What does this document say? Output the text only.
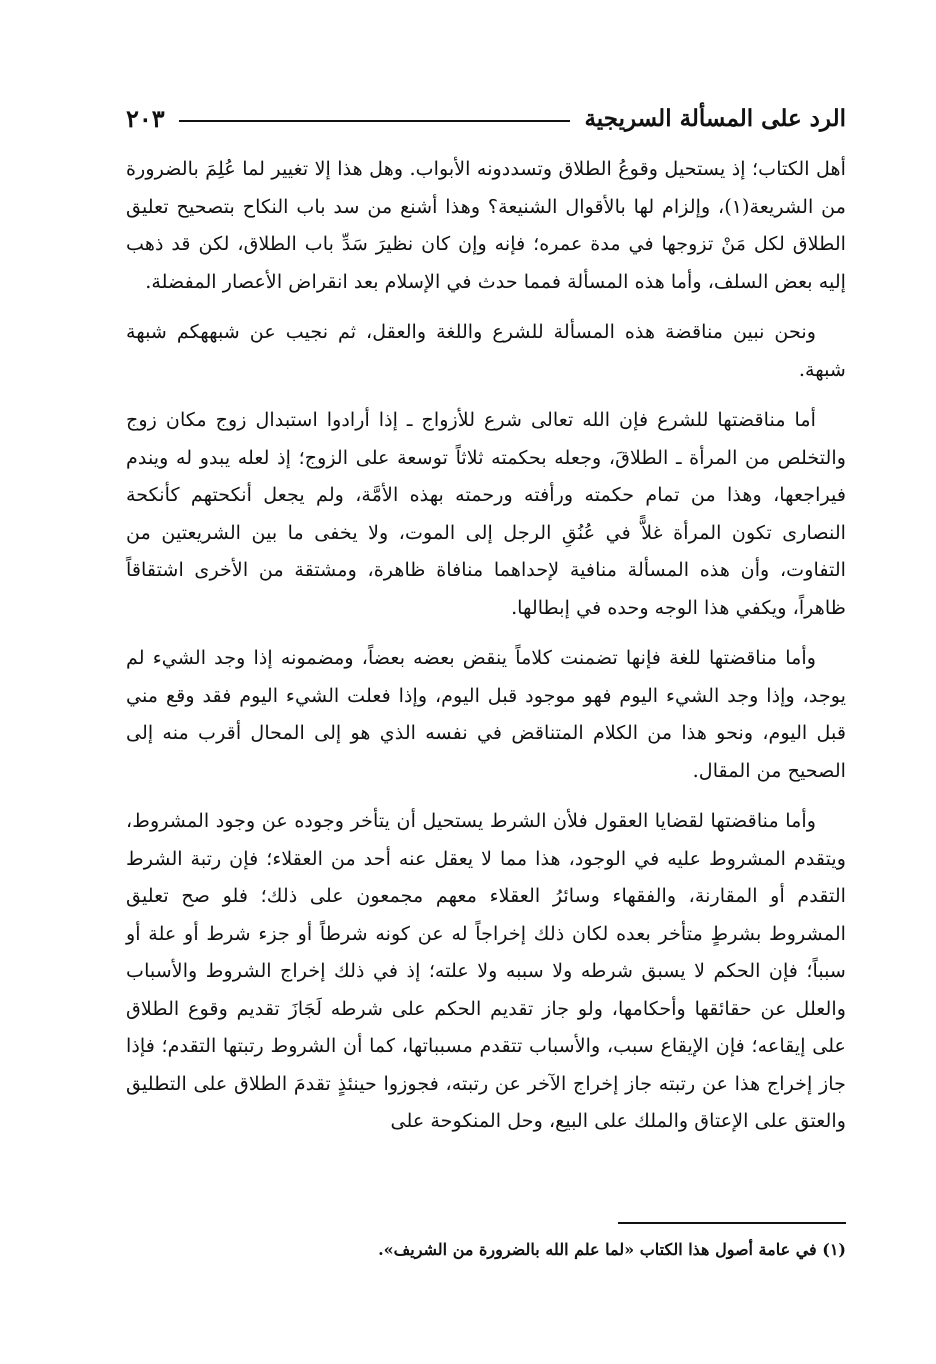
الرد على المسألة السريجية
٢٠٣

أهل الكتاب؛ إذ يستحيل وقوعُ الطلاق وتسددونه الأبواب. وهل هذا إلا تغيير لما عُلِمَ بالضرورة من الشريعة(١)، وإلزام لها بالأقوال الشنيعة؟ وهذا أشنع من سد باب النكاح بتصحيح تعليق الطلاق لكل مَنْ تزوجها في مدة عمره؛ فإنه وإن كان نظيرَ سَدِّ باب الطلاق، لكن قد ذهب إليه بعض السلف، وأما هذه المسألة فمما حدث في الإسلام بعد انقراض الأعصار المفضلة.

ونحن نبين مناقضة هذه المسألة للشرع واللغة والعقل، ثم نجيب عن شبههكم شبهة شبهة.

أما مناقضتها للشرع فإن الله تعالى شرع للأزواج ـ إذا أرادوا استبدال زوج مكان زوج والتخلص من المرأة ـ الطلاقَ، وجعله بحكمته ثلاثاً توسعة على الزوج؛ إذ لعله يبدو له ويندم فيراجعها، وهذا من تمام حكمته ورأفته ورحمته بهذه الأمَّة، ولم يجعل أنكحتهم كأنكحة النصارى تكون المرأة غلاًّ في عُنُقِ الرجل إلى الموت، ولا يخفى ما بين الشريعتين من التفاوت، وأن هذه المسألة منافية لإحداهما منافاة ظاهرة، ومشتقة من الأخرى اشتقاقاً ظاهراً، ويكفي هذا الوجه وحده في إبطالها.

وأما مناقضتها للغة فإنها تضمنت كلاماً ينقض بعضه بعضاً، ومضمونه إذا وجد الشيء لم يوجد، وإذا وجد الشيء اليوم فهو موجود قبل اليوم، وإذا فعلت الشيء اليوم فقد وقع مني قبل اليوم، ونحو هذا من الكلام المتناقض في نفسه الذي هو إلى المحال أقرب منه إلى الصحيح من المقال.

وأما مناقضتها لقضايا العقول فلأن الشرط يستحيل أن يتأخر وجوده عن وجود المشروط، ويتقدم المشروط عليه في الوجود، هذا مما لا يعقل عنه أحد من العقلاء؛ فإن رتبة الشرط التقدم أو المقارنة، والفقهاء وسائرُ العقلاء معهم مجمعون على ذلك؛ فلو صح تعليق المشروط بشرطٍ متأخر بعده لكان ذلك إخراجاً له عن كونه شرطاً أو جزء شرط أو علة أو سبباً؛ فإن الحكم لا يسبق شرطه ولا سببه ولا علته؛ إذ في ذلك إخراج الشروط والأسباب والعلل عن حقائقها وأحكامها، ولو جاز تقديم الحكم على شرطه لَجَازَ تقديم وقوع الطلاق على إيقاعه؛ فإن الإيقاع سبب، والأسباب تتقدم مسبباتها، كما أن الشروط رتبتها التقدم؛ فإذا جاز إخراج هذا عن رتبته جاز إخراج الآخر عن رتبته، فجوزوا حينئذٍ تقدمَ الطلاق على التطليق والعتق على الإعتاق والملك على البيع، وحل المنكوحة على

(١) في عامة أصول هذا الكتاب «لما علم الله بالضرورة من الشريف».
